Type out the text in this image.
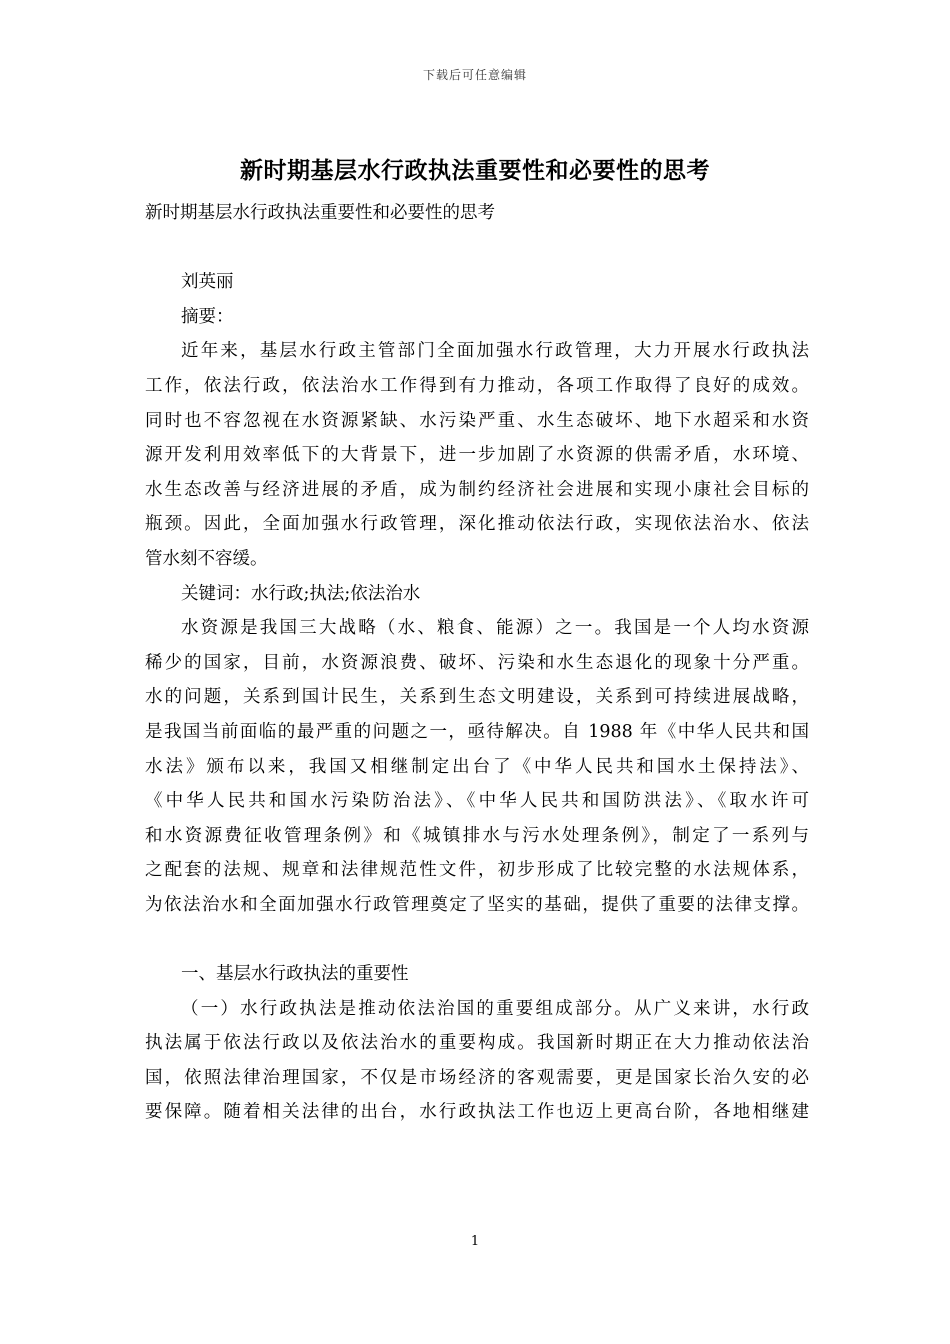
下载后可任意编辑
新时期基层水行政执法重要性和必要性的思考
新时期基层水行政执法重要性和必要性的思考
刘英丽
摘要：
近年来，基层水行政主管部门全面加强水行政管理，大力开展水行政执法
工作，依法行政，依法治水工作得到有力推动，各项工作取得了良好的成效。
同时也不容忽视在水资源紧缺、水污染严重、水生态破坏、地下水超采和水资
源开发利用效率低下的大背景下，进一步加剧了水资源的供需矛盾，水环境、
水生态改善与经济进展的矛盾，成为制约经济社会进展和实现小康社会目标的
瓶颈。因此，全面加强水行政管理，深化推动依法行政，实现依法治水、依法
管水刻不容缓。
关键词：水行政;执法;依法治水
水资源是我国三大战略（水、粮食、能源）之一。我国是一个人均水资源
稀少的国家，目前，水资源浪费、破坏、污染和水生态退化的现象十分严重。
水的问题，关系到国计民生，关系到生态文明建设，关系到可持续进展战略，
是我国当前面临的最严重的问题之一，亟待解决。自 1988 年《中华人民共和国
水法》颁布以来，我国又相继制定出台了《中华人民共和国水土保持法》、
《中华人民共和国水污染防治法》、《中华人民共和国防洪法》、《取水许可
和水资源费征收管理条例》和《城镇排水与污水处理条例》，制定了一系列与
之配套的法规、规章和法律规范性文件，初步形成了比较完整的水法规体系，
为依法治水和全面加强水行政管理奠定了坚实的基础，提供了重要的法律支撑。
一、基层水行政执法的重要性
（一）水行政执法是推动依法治国的重要组成部分。从广义来讲，水行政
执法属于依法行政以及依法治水的重要构成。我国新时期正在大力推动依法治
国，依照法律治理国家，不仅是市场经济的客观需要，更是国家长治久安的必
要保障。随着相关法律的出台，水行政执法工作也迈上更高台阶，各地相继建
1
